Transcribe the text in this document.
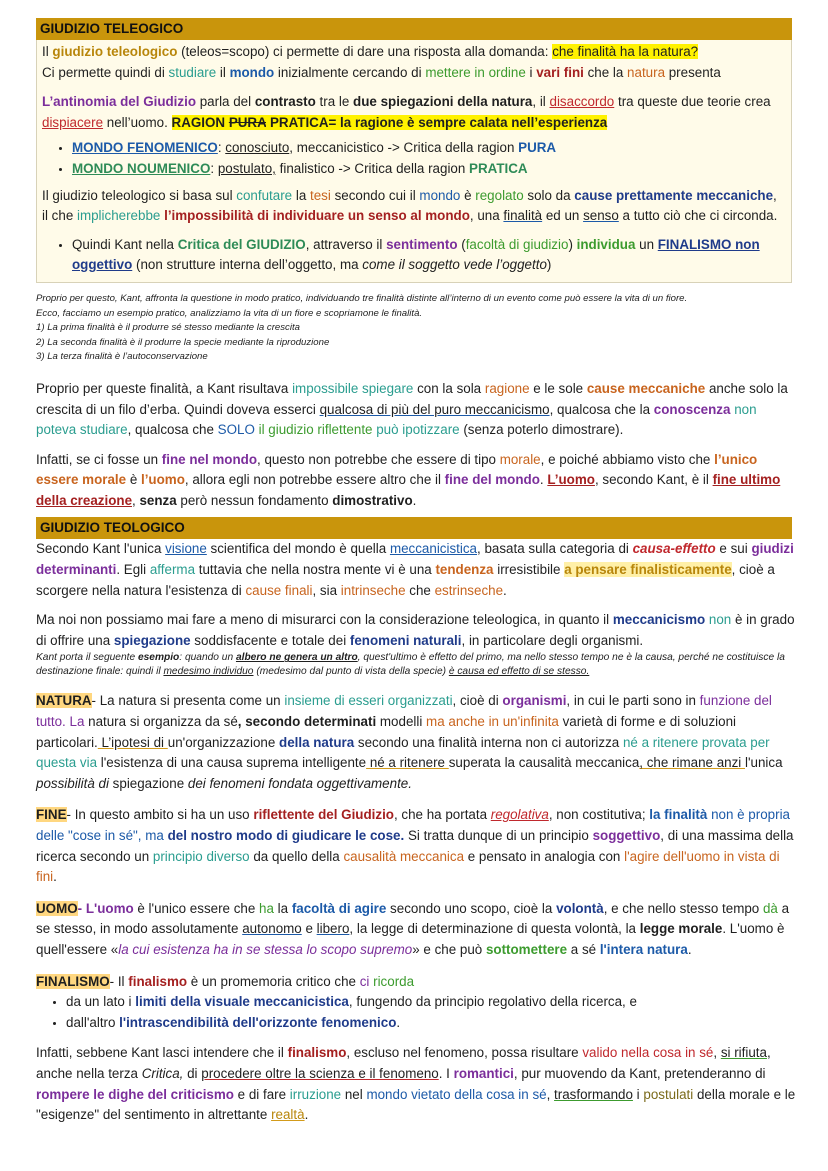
GIUDIZIO TELEOGICO

Il giudizio teleologico (teleos=scopo) ci permette di dare una risposta alla domanda: che finalità ha la natura?

Ci permette quindi di studiare il mondo inizialmente cercando di mettere in ordine i vari fini che la natura presenta

L’antinomia del Giudizio parla del contrasto tra le due spiegazioni della natura, il disaccordo tra queste due teorie crea dispiacere nell’uomo. RAGION PURA PRATICA= la ragione è sempre calata nell’esperienza

• MONDO FENOMENICO: conosciuto, meccanicistico -> Critica della ragion PURA
• MONDO NOUMENICO: postulato, finalistico -> Critica della ragion PRATICA

Il giudizio teleologico si basa sul confutare la tesi secondo cui il mondo è regolato solo da cause prettamente meccaniche, il che implicherebbe l’impossibilità di individuare un senso al mondo, una finalità ed un senso a tutto ciò che ci circonda.

• Quindi Kant nella Critica del GIUDIZIO, attraverso il sentimento (facoltà di giudizio) individua un FINALISMO non oggettivo (non strutture interna dell’oggetto, ma come il soggetto vede l’oggetto)

Proprio per questo, Kant, affronta la questione in modo pratico, individuando tre finalità distinte all’interno di un evento come può essere la vita di un fiore.

Ecco, facciamo un esempio pratico, analizziamo la vita di un fiore e scopriamone le finalità.

1) La prima finalità è il produrre sé stesso mediante la crescita

2) La seconda finalità è il produrre la specie mediante la riproduzione

3) La terza finalità è l’autoconservazione

Proprio per queste finalità, a Kant risultava impossibile spiegare con la sola ragione e le sole cause meccaniche anche solo la crescita di un filo d’erba. Quindi doveva esserci qualcosa di più del puro meccanicismo, qualcosa che la conoscenza non poteva studiare, qualcosa che SOLO il giudizio riflettente può ipotizzare (senza poterlo dimostrare).

Infatti, se ci fosse un fine nel mondo, questo non potrebbe che essere di tipo morale, e poiché abbiamo visto che l’unico essere morale è l’uomo, allora egli non potrebbe essere altro che il fine del mondo. L’uomo, secondo Kant, è il fine ultimo della creazione, senza però nessun fondamento dimostrativo.

GIUDIZIO TEOLOGICO

Secondo Kant l'unica visione scientifica del mondo è quella meccanicistica, basata sulla categoria di causa-effetto e sui giudizi determinanti. Egli afferma tuttavia che nella nostra mente vi è una tendenza irresistibile a pensare finalisticamente, cioè a scorgere nella natura l'esistenza di cause finali, sia intrinseche che estrinseche.

Ma noi non possiamo mai fare a meno di misurarci con la considerazione teleologica, in quanto il meccanicismo non è in grado di offrire una spiegazione soddisfacente e totale dei fenomeni naturali, in particolare degli organismi.

Kant porta il seguente esempio: quando un albero ne genera un altro, quest'ultimo è effetto del primo, ma nello stesso tempo ne è la causa, perché ne costituisce la destinazione finale: quindi il medesimo individuo (medesimo dal punto di vista della specie) è causa ed effetto di se stesso.

NATURA- La natura si presenta come un insieme di esseri organizzati, cioè di organismi, in cui le parti sono in funzione del tutto. La natura si organizza da sé, secondo determinati modelli ma anche in un'infinita varietà di forme e di soluzioni particolari. L’ipotesi di un'organizzazione della natura secondo una finalità interna non ci autorizza né a ritenere provata per questa via l'esistenza di una causa suprema intelligente né a ritenere superata la causalità meccanica, che rimane anzi l'unica possibilità di spiegazione dei fenomeni fondata oggettivamente.

FINE- In questo ambito si ha un uso riflettente del Giudizio, che ha portata regolativa, non costitutiva; la finalità non è propria delle "cose in sé", ma del nostro modo di giudicare le cose. Si tratta dunque di un principio soggettivo, di una massima della ricerca secondo un principio diverso da quello della causalità meccanica e pensato in analogia con l'agire dell'uomo in vista di fini.

UOMO- L'uomo è l'unico essere che ha la facoltà di agire secondo uno scopo, cioè la volontà, e che nello stesso tempo dà a se stesso, in modo assolutamente autonomo e libero, la legge di determinazione di questa volontà, la legge morale. L'uomo è quell'essere «la cui esistenza ha in se stessa lo scopo supremo» e che può sottomettere a sé l'intera natura.

FINALISMO- Il finalismo è un promemoria critico che ci ricorda

• da un lato i limiti della visuale meccanicistica, fungendo da principio regolativo della ricerca, e
• dall'altro l'intrascendibilità dell'orizzonte fenomenico.

Infatti, sebbene Kant lasci intendere che il finalismo, escluso nel fenomeno, possa risultare valido nella cosa in sé, si rifiuta, anche nella terza Critica, di procedere oltre la scienza e il fenomeno. I romantici, pur muovendo da Kant, pretenderanno di rompere le dighe del criticismo e di fare irruzione nel mondo vietato della cosa in sé, trasformando i postulati della morale e le "esigenze" del sentimento in altrettante realtà.
